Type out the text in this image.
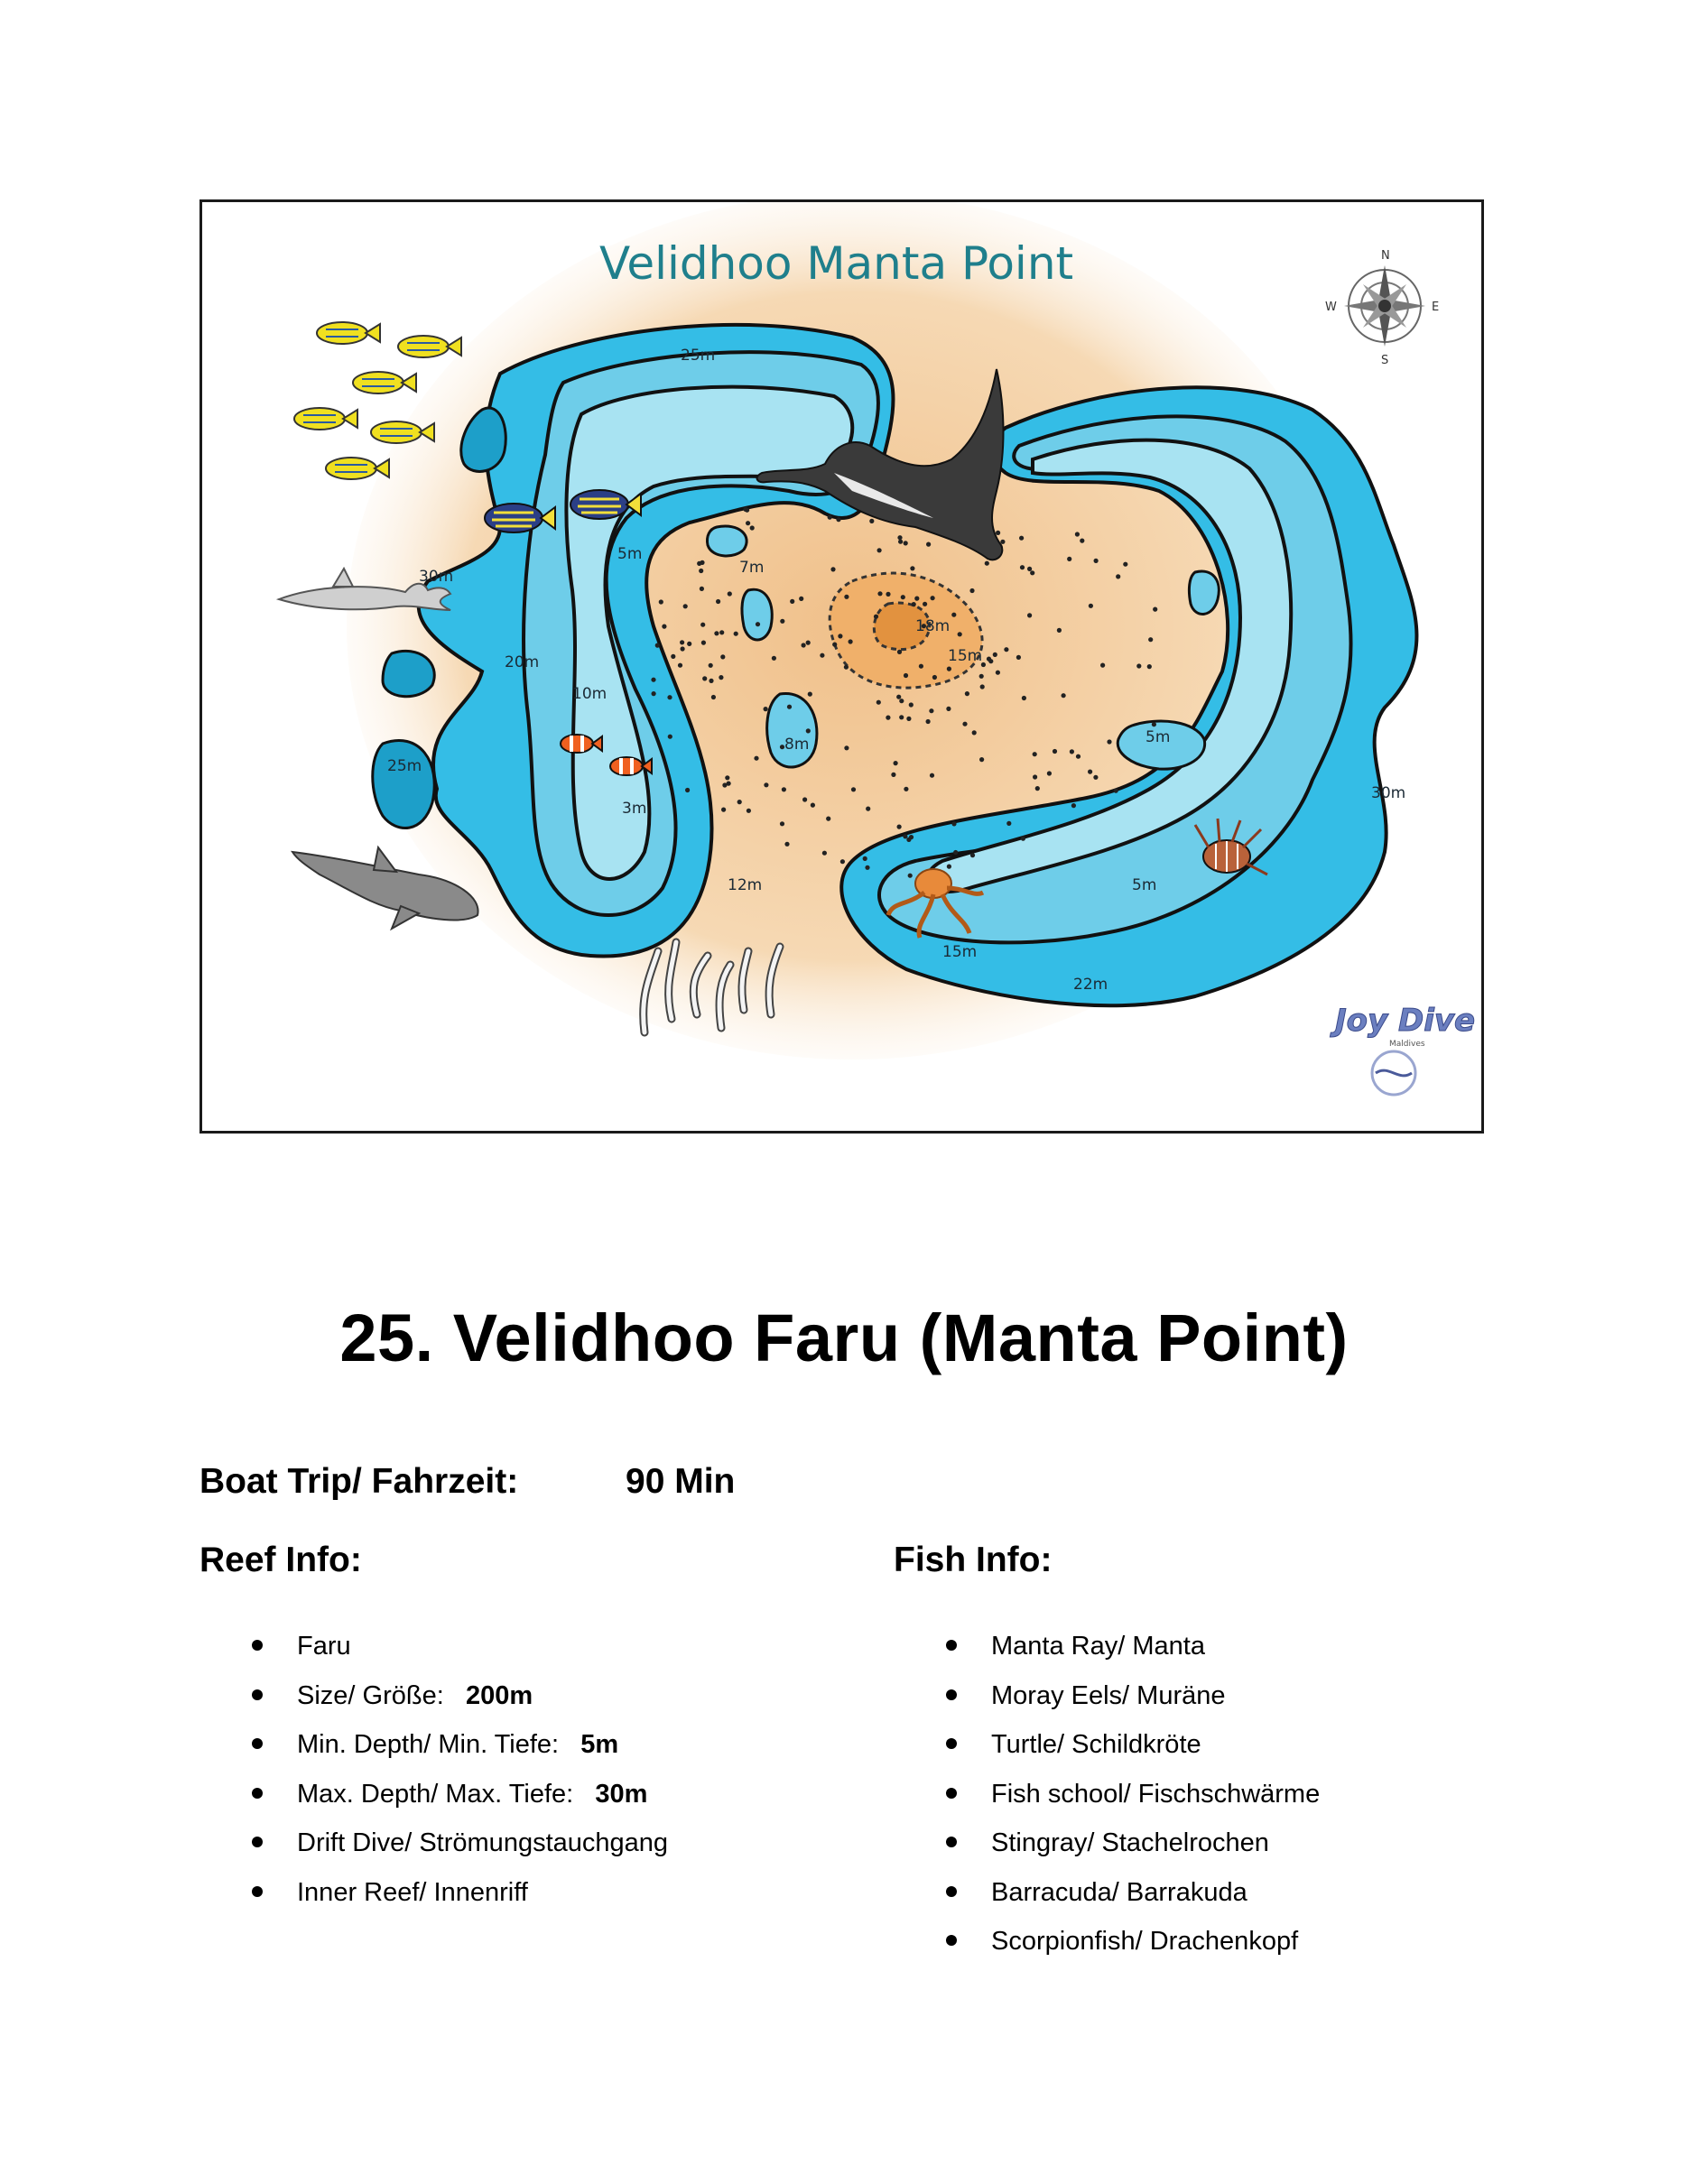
25m
5m
7m
30m
20m
10m
3m
25m
18m
15m
8m	5m
12m	5m
15m
22m
30m
Velidhoo Manta Point	N
S
E
W
Joy Dive
Maldives
25. Velidhoo Faru (Manta Point)
Boat Trip/ Fahrzeit:	90 Min
Reef Info:	Fish Info:
Faru
Size/ Größe: 200m
Min. Depth/ Min. Tiefe: 5m
Max. Depth/ Max. Tiefe: 30m
Drift Dive/ Strömungstauchgang
Inner Reef/ Innenriff
Manta Ray/ Manta
Moray Eels/ Muräne
Turtle/ Schildkröte
Fish school/ Fischschwärme
Stingray/ Stachelrochen
Barracuda/ Barrakuda
Scorpionfish/ Drachenkopf
